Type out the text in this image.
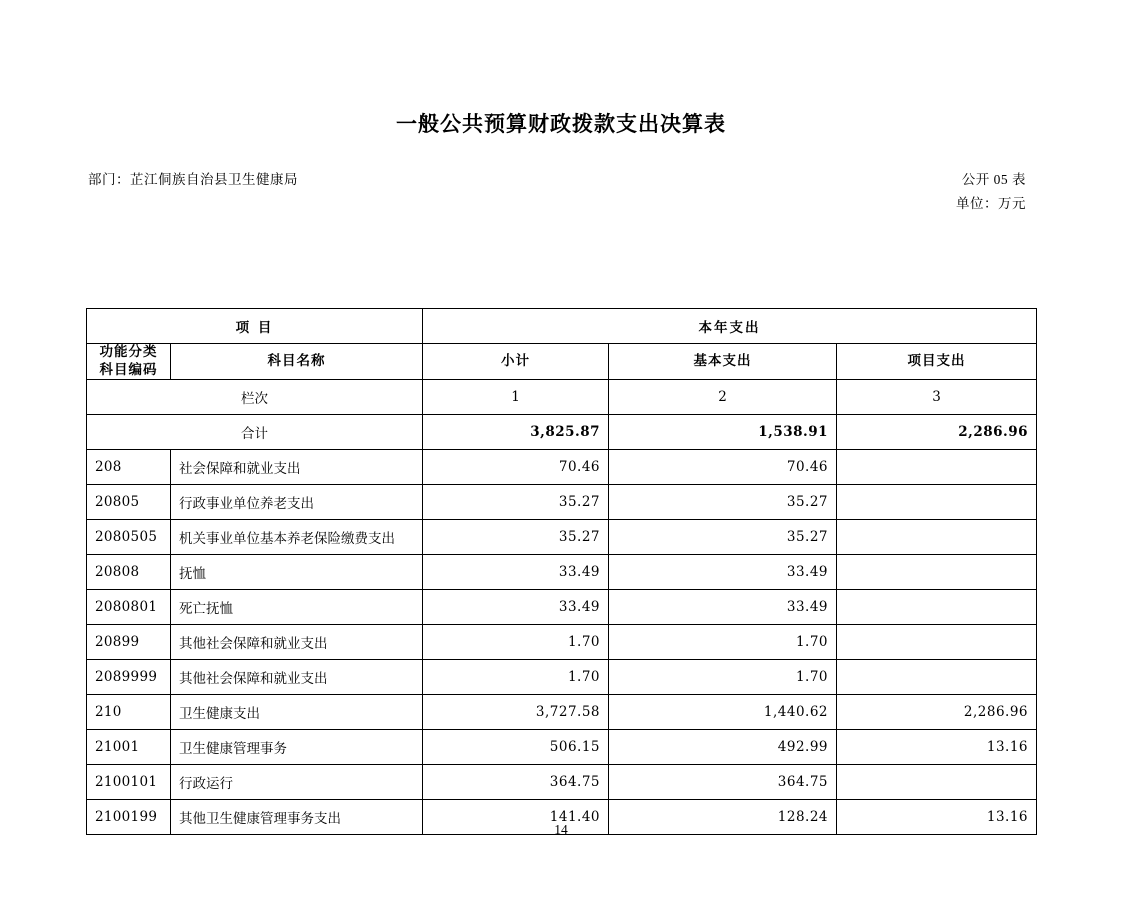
一般公共预算财政拨款支出决算表
部门：芷江侗族自治县卫生健康局	公开 05 表
单位：万元
项 目		本年支出		
功能分类
科目编码	科目名称	小计	基本支出	项目支出
栏次		1	2	3
合计		3,825.87	1,538.91	2,286.96
208	社会保障和就业支出	70.46	70.46	
20805	行政事业单位养老支出	35.27	35.27	
2080505	机关事业单位基本养老保险缴费支出	35.27	35.27	
20808	抚恤	33.49	33.49	
2080801	死亡抚恤	33.49	33.49	
20899	其他社会保障和就业支出	1.70	1.70	
2089999	其他社会保障和就业支出	1.70	1.70	
210	卫生健康支出	3,727.58	1,440.62	2,286.96
21001	卫生健康管理事务	506.15	492.99	13.16
2100101	行政运行	364.75	364.75	
2100199	其他卫生健康管理事务支出	141.40	128.24	13.16
14
